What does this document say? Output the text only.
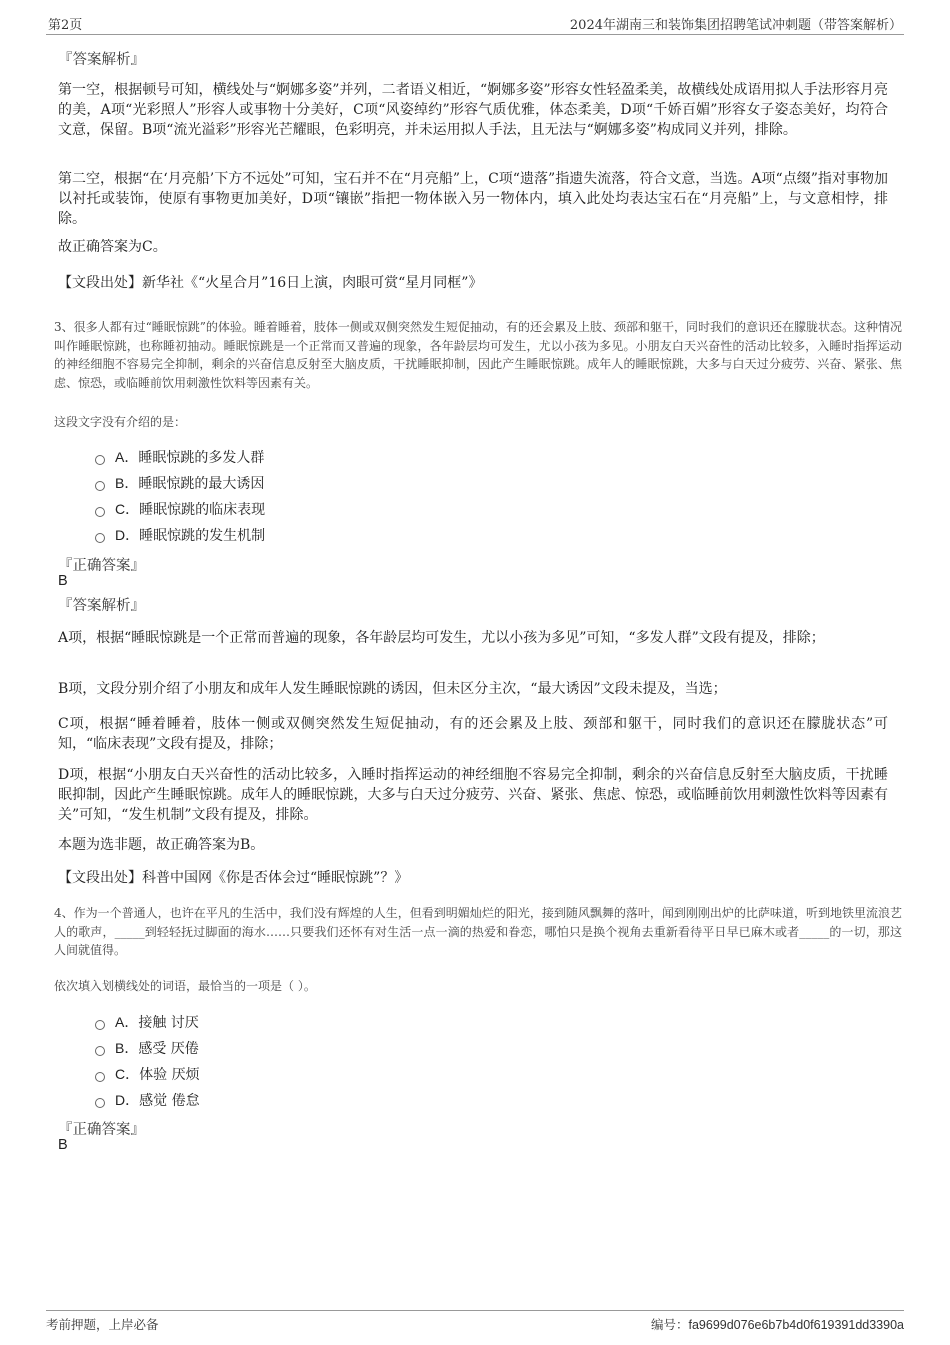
第2页	2024年湖南三和装饰集团招聘笔试冲刺题（带答案解析）
『答案解析』

第一空，根据顿号可知，横线处与“婀娜多姿”并列，二者语义相近，“婀娜多姿”形容女性轻盈柔美，故横线处成语用拟人手法形容月亮的美，A项“光彩照人”形容人或事物十分美好，C项“风姿绰约”形容气质优雅，体态柔美，D项“千娇百媚”形容女子姿态美好，均符合文意，保留。B项“流光溢彩”形容光芒耀眼，色彩明亮，并未运用拟人手法，且无法与“婀娜多姿”构成同义并列，排除。

第二空，根据“在‘月亮船’下方不远处”可知，宝石并不在“月亮船”上，C项“遗落”指遗失流落，符合文意，当选。A项“点缀”指对事物加以衬托或装饰，使原有事物更加美好，D项“镶嵌”指把一物体嵌入另一物体内，填入此处均表达宝石在“月亮船”上，与文意相悖，排除。

故正确答案为C。

【文段出处】新华社《“火星合月”16日上演，肉眼可赏“星月同框”》

3、很多人都有过“睡眠惊跳”的体验。睡着睡着，肢体一侧或双侧突然发生短促抽动，有的还会累及上肢、颈部和躯干，同时我们的意识还在朦胧状态。这种情况叫作睡眠惊跳，也称睡初抽动。睡眠惊跳是一个正常而又普遍的现象，各年龄层均可发生，尤以小孩为多见。小朋友白天兴奋性的活动比较多，入睡时指挥运动的神经细胞不容易完全抑制，剩余的兴奋信息反射至大脑皮质，干扰睡眠抑制，因此产生睡眠惊跳。成年人的睡眠惊跳，大多与白天过分疲劳、兴奋、紧张、焦虑、惊恐，或临睡前饮用刺激性饮料等因素有关。

这段文字没有介绍的是：
A．睡眠惊跳的多发人群
B．睡眠惊跳的最大诱因
C．睡眠惊跳的临床表现
D．睡眠惊跳的发生机制
『正确答案』
B
『答案解析』

A项，根据“睡眠惊跳是一个正常而普遍的现象，各年龄层均可发生，尤以小孩为多见”可知，“多发人群”文段有提及，排除；

B项，文段分别介绍了小朋友和成年人发生睡眠惊跳的诱因，但未区分主次，“最大诱因”文段未提及，当选；

C项，根据“睡着睡着，肢体一侧或双侧突然发生短促抽动，有的还会累及上肢、颈部和躯干，同时我们的意识还在朦胧状态”可知，“临床表现”文段有提及，排除；

D项，根据“小朋友白天兴奋性的活动比较多，入睡时指挥运动的神经细胞不容易完全抑制，剩余的兴奋信息反射至大脑皮质，干扰睡眠抑制，因此产生睡眠惊跳。成年人的睡眠惊跳，大多与白天过分疲劳、兴奋、紧张、焦虑、惊恐，或临睡前饮用刺激性饮料等因素有关”可知，“发生机制”文段有提及，排除。

本题为选非题，故正确答案为B。

【文段出处】科普中国网《你是否体会过“睡眠惊跳”？》

4、作为一个普通人，也许在平凡的生活中，我们没有辉煌的人生，但看到明媚灿烂的阳光，接到随风飘舞的落叶，闻到刚刚出炉的比萨味道，听到地铁里流浪艺人的歌声，_____到轻轻抚过脚面的海水……只要我们还怀有对生活一点一滴的热爱和眷恋，哪怕只是换个视角去重新看待平日早已麻木或者_____的一切，那这人间就值得。

依次填入划横线处的词语，最恰当的一项是（ ）。
A．接触 讨厌
B．感受 厌倦
C．体验 厌烦
D．感觉 倦怠
『正确答案』
B
考前押题，上岸必备	编号：fa9699d076e6b7b4d0f619391dd3390a
